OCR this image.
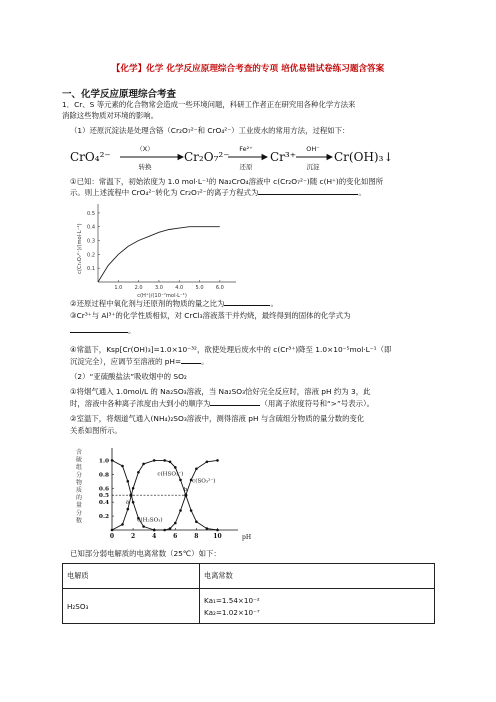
【化学】化学 化学反应原理综合考查的专项 培优易错试卷练习题含答案
一、化学反应原理综合考查
1．Cr、S 等元素的化合物常会造成一些环境问题，科研工作者正在研究用各种化学方法来
消除这些物质对环境的影响。
（1）还原沉淀法是处理含铬（Cr₂O₇²⁻和 CrO₄²⁻）工业废水的常用方法，过程如下：
CrO₄²⁻	Cr₂O₇²⁻	Cr³⁺	Cr(OH)₃↓
（X）
转换
Fe²⁺
还原
OH⁻
沉淀
①已知：常温下，初始浓度为 1.0 mol·L⁻¹的 Na₂CrO₄溶液中 c(Cr₂O₇²⁻)随 c(H⁺)的变化如图所
示。则上述流程中 CrO₄²⁻转化为 Cr₂O₇²⁻的离子方程式为	。
c(Cr₂O₇²⁻)/(mol·L⁻¹)
c(H⁺)/(10⁻⁷mol·L⁻¹)
0.1
0.2
0.3
0.4
0.5
1.0 2.0 3.0 4.0 5.0 6.0
②还原过程中氧化剂与还原剂的物质的量之比为	。
③Cr³⁺与 Al³⁺的化学性质相似，对 CrCl₃溶液蒸干并灼烧，最终得到的固体的化学式为
。
④常温下，Ksp[Cr(OH)₃]=1.0×10⁻³²，欲使处理后废水中的 c(Cr³⁺)降至 1.0×10⁻⁵mol·L⁻¹（即
沉淀完全），应调节至溶液的 pH=	。
（2）“亚硫酸盐法”吸收烟中的 SO₂
①将烟气通入 1.0mol/L 的 Na₂SO₃溶液，当 Na₂SO₃恰好完全反应时，溶液 pH 约为 3，此
时，溶液中各种离子浓度由大到小的顺序为	（用离子浓度符号和“>”号表示）。
②室温下，将烟道气通入(NH₄)₂SO₃溶液中，测得溶液 pH 与含硫组分物质的量分数的变化
关系如图所示。
pH
含
硫
组
分
物
质
的
量
分
数
0.2
0.4
0.5
0.6
0.8
1.0
0	2	4	6	8 10
c(HSO₃⁻)
c(SO₃²⁻)
c(H₂SO₃)
a
b
已知部分弱电解质的电离常数（25℃）如下：
电解质	电离常数
H₂SO₃	Ka₁=1.54×10⁻²
Ka₂=1.02×10⁻⁷
